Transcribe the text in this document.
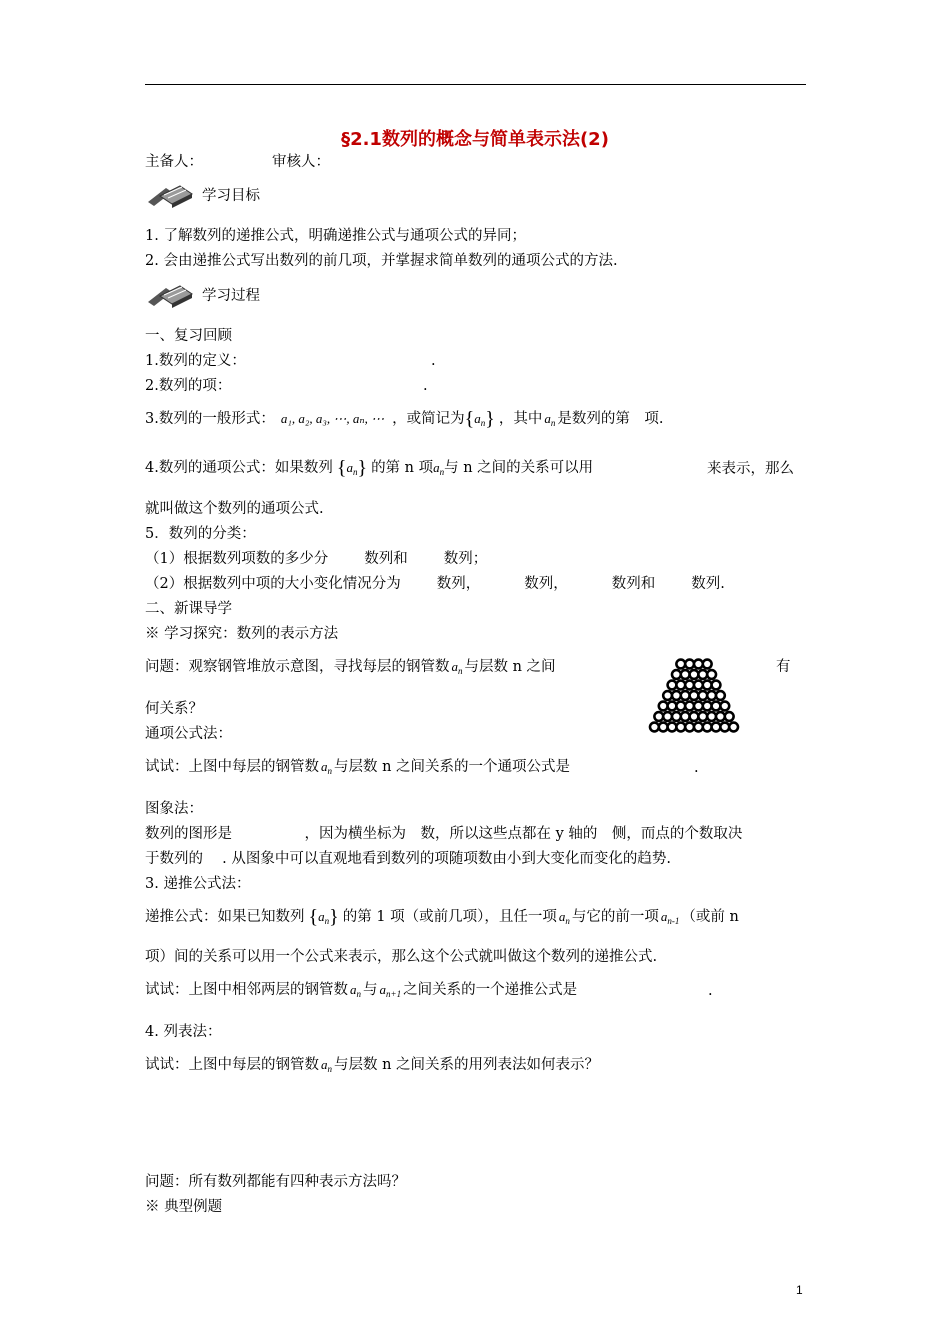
§2.1数列的概念与简单表示法(2)
主备人：	审核人：
学习目标
1. 了解数列的递推公式，明确递推公式与通项公式的异同；
2. 会由递推公式写出数列的前几项，并掌握求简单数列的通项公式的方法.
学习过程
一、复习回顾
1.数列的定义：	.
2.数列的项：	.
3.数列的一般形式： a₁, a₂, a₃, ⋯, aₙ, ⋯ ，或简记为$\{a_n\}$ ，其中 $a_n$ 是数列的第　项.
4.数列的通项公式：如果数列 $\{a_n\}$ 的第 n 项$a_n$与 n 之间的关系可以用	来表示，那么
就叫做这个数列的通项公式.
5．数列的分类：
（1）根据数列项数的多少分 数列和 数列；
（2）根据数列中项的大小变化情况分为 数列，	数列，	数列和 数列.
二、新课导学
※ 学习探究：数列的表示方法
问题：观察钢管堆放示意图，寻找每层的钢管数 $a_n$ 与层数 n 之间	有
何关系？
通项公式法：
试试：上图中每层的钢管数 $a_n$ 与层数 n 之间关系的一个通项公式是	.
图象法：
数列的图形是　　　　　，因为横坐标为　数，所以这些点都在 y 轴的　侧，而点的个数取决
于数列的　 . 从图象中可以直观地看到数列的项随项数由小到大变化而变化的趋势.
3. 递推公式法：
递推公式：如果已知数列 $\{a_n\}$ 的第 1 项（或前几项），且任一项 $a_n$ 与它的前一项 $a_{n-1}$ （或前 n
项）间的关系可以用一个公式来表示，那么这个公式就叫做这个数列的递推公式.
试试：上图中相邻两层的钢管数 $a_n$ 与 $a_{n+1}$ 之间关系的一个递推公式是	.
4. 列表法：
试试：上图中每层的钢管数 $a_n$ 与层数 n 之间关系的用列表法如何表示？
问题：所有数列都能有四种表示方法吗？
※ 典型例题
1
